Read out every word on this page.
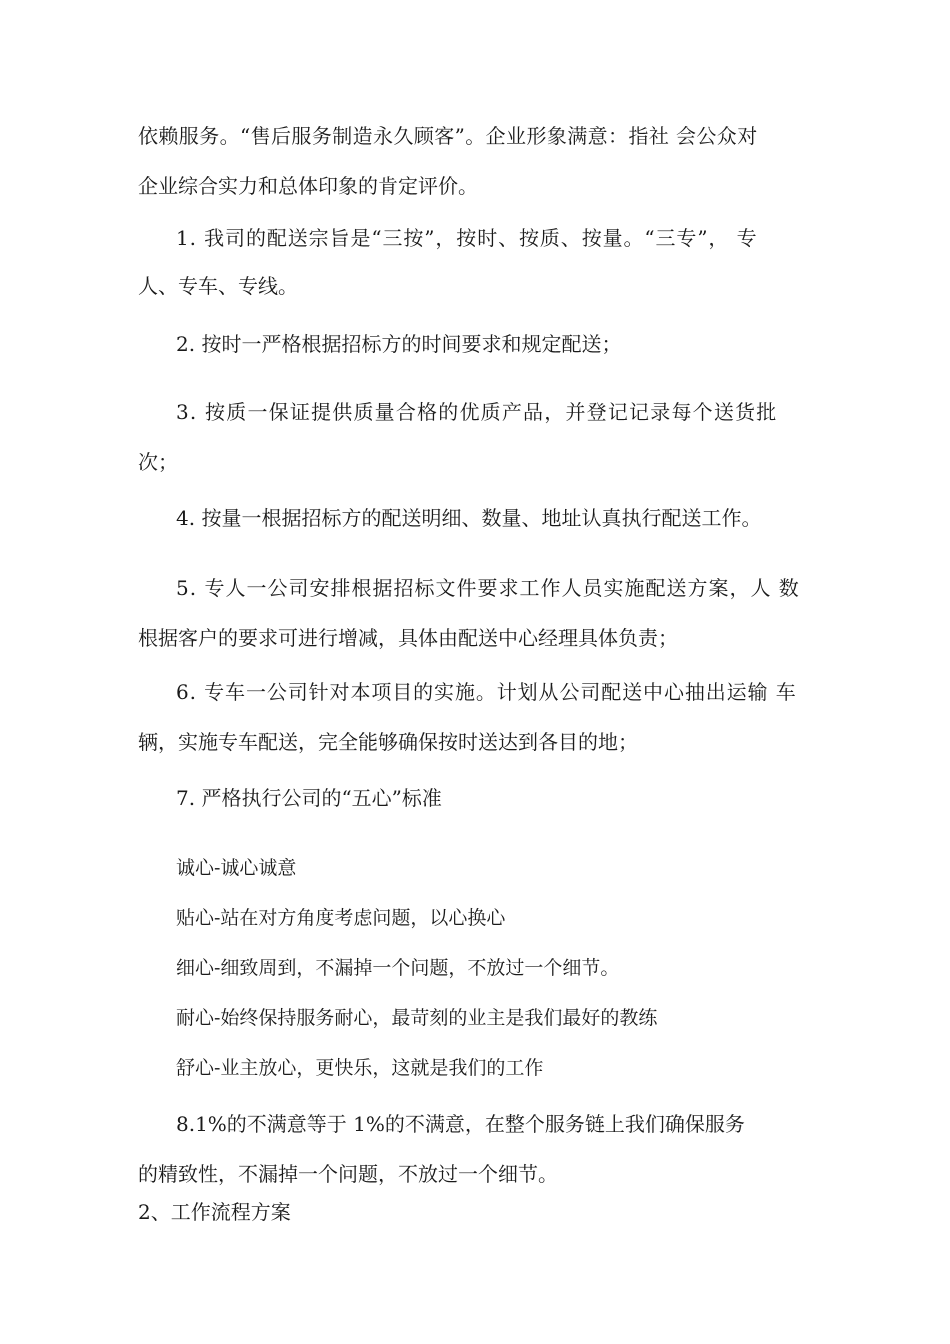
依赖服务。“售后服务制造永久顾客”。企业形象满意：指社 会公众对
企业综合实力和总体印象的肯定评价。
1. 我司的配送宗旨是“三按”，按时、按质、按量。“三专”， 专
人、专车、专线。
2. 按时一严格根据招标方的时间要求和规定配送；
3. 按质一保证提供质量合格的优质产品，并登记记录每个送货批
次；
4. 按量一根据招标方的配送明细、数量、地址认真执行配送工作。
5. 专人一公司安排根据招标文件要求工作人员实施配送方案，人 数
根据客户的要求可进行增减，具体由配送中心经理具体负责；
6. 专车一公司针对本项目的实施。计划从公司配送中心抽出运输 车
辆，实施专车配送，完全能够确保按时送达到各目的地；
7. 严格执行公司的“五心”标准
诚心-诚心诚意
贴心-站在对方角度考虑问题，以心换心
细心-细致周到，不漏掉一个问题，不放过一个细节。
耐心-始终保持服务耐心，最苛刻的业主是我们最好的教练
舒心-业主放心，更快乐，这就是我们的工作
8.1%的不满意等于 1%的不满意，在整个服务链上我们确保服务
的精致性，不漏掉一个问题，不放过一个细节。
2、工作流程方案
